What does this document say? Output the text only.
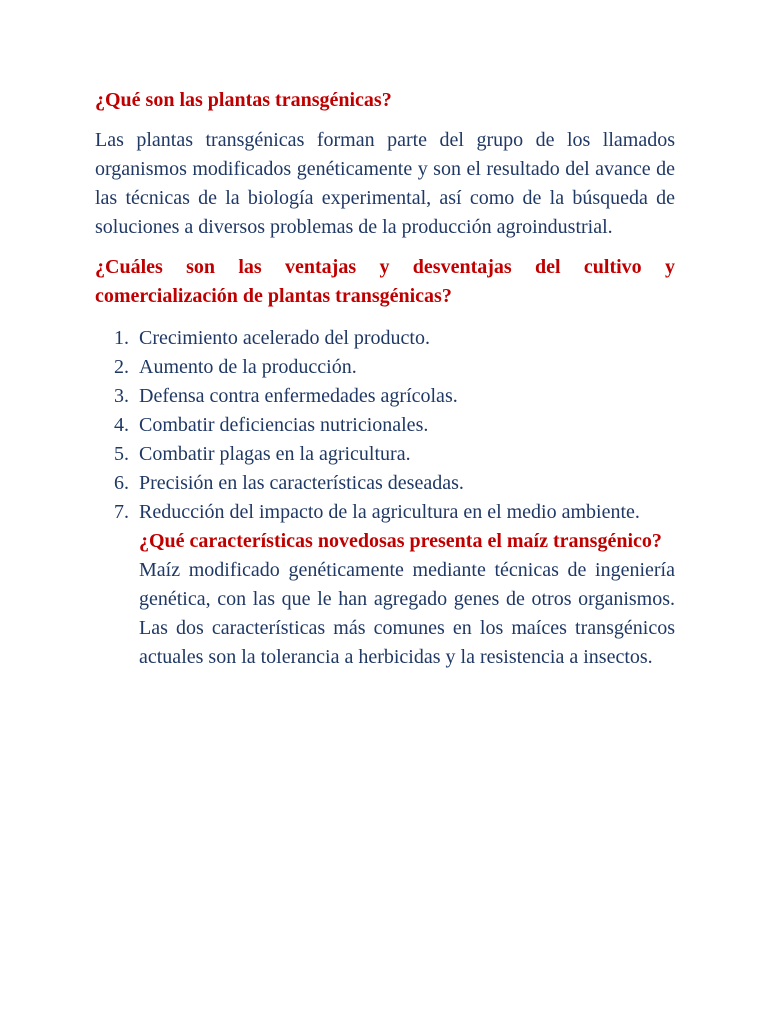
¿Qué son las plantas transgénicas?

Las plantas transgénicas forman parte del grupo de los llamados organismos modificados genéticamente y son el resultado del avance de las técnicas de la biología experimental, así como de la búsqueda de soluciones a diversos problemas de la producción agroindustrial.

¿Cuáles son las ventajas y desventajas del cultivo y comercialización de plantas transgénicas?
1. Crecimiento acelerado del producto.
2. Aumento de la producción.
3. Defensa contra enfermedades agrícolas.
4. Combatir deficiencias nutricionales.
5. Combatir plagas en la agricultura.
6. Precisión en las características deseadas.
7. Reducción del impacto de la agricultura en el medio ambiente.
¿Qué características novedosas presenta el maíz transgénico?

Maíz modificado genéticamente mediante técnicas de ingeniería genética, con las que le han agregado genes de otros organismos. Las dos características más comunes en los maíces transgénicos actuales son la tolerancia a herbicidas y la resistencia a insectos.
